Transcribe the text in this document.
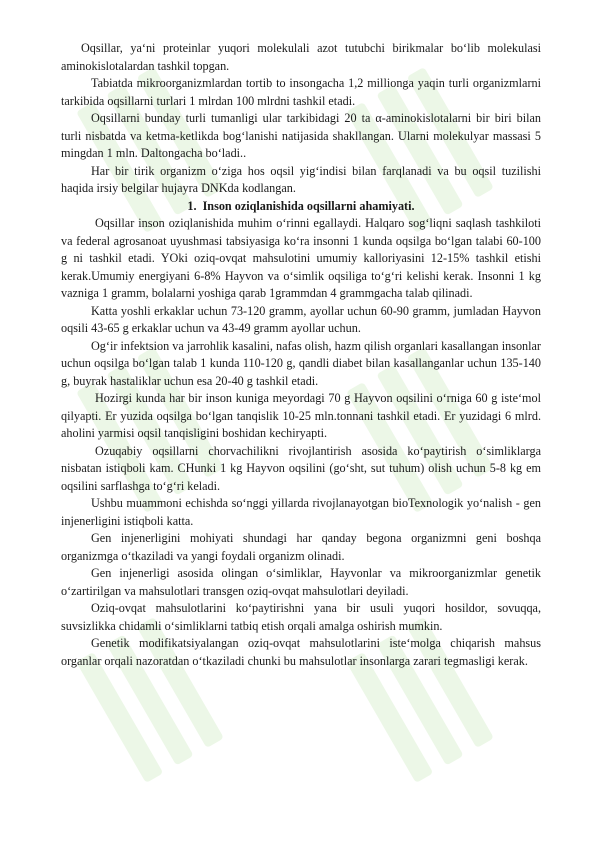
Oqsillar, ya‘ni proteinlar yuqori molekulali azot tutubchi birikmalar bo‘lib molekulasi aminokislotalardan tashkil topgan.

Tabiatda mikroorganizmlardan tortib to insongacha 1,2 millionga yaqin turli organizmlarni tarkibida oqsillarni turlari 1 mlrdan 100 mlrdni tashkil etadi.

Oqsillarni bunday turli tumanligi ular tarkibidagi 20 ta α-aminokislotalarni bir biri bilan turli nisbatda va ketma-ketlikda bog‘lanishi natijasida shakllangan. Ularni molekulyar massasi 5 mingdan 1 mln. Daltongacha bo‘ladi..

Har bir tirik organizm o‘ziga hos oqsil yig‘indisi bilan farqlanadi va bu oqsil tuzilishi haqida irsiy belgilar hujayra DNKda kodlangan.

1. Inson oziqlanishida oqsillarni ahamiyati.

Oqsillar inson oziqlanishida muhim o‘rinni egallaydi. Halqaro sog‘liqni saqlash tashkiloti va federal agrosanoat uyushmasi tabsiyasiga ko‘ra insonni 1 kunda oqsilga bo‘lgan talabi 60-100 g ni tashkil etadi. YOki oziq-ovqat mahsulotini umumiy kalloriyasini 12-15% tashkil etishi kerak.Umumiy energiyani 6-8% Hayvon va o‘simlik oqsiliga to‘g‘ri kelishi kerak. Insonni 1 kg vazniga 1 gramm, bolalarni yoshiga qarab 1grammdan 4 grammgacha talab qilinadi.

Katta yoshli erkaklar uchun 73-120 gramm, ayollar uchun 60-90 gramm, jumladan Hayvon oqsili 43-65 g erkaklar uchun va 43-49 gramm ayollar uchun.

Og‘ir infektsion va jarrohlik kasalini, nafas olish, hazm qilish organlari kasallangan insonlar uchun oqsilga bo‘lgan talab 1 kunda 110-120 g, qandli diabet bilan kasallanganlar uchun 135-140 g, buyrak hastaliklar uchun esa 20-40 g tashkil etadi.

Hozirgi kunda har bir inson kuniga meyordagi 70 g Hayvon oqsilini o‘rniga 60 g iste‘mol qilyapti. Er yuzida oqsilga bo‘lgan tanqislik 10-25 mln.tonnani tashkil etadi. Er yuzidagi 6 mlrd. aholini yarmisi oqsil tanqisligini boshidan kechiryapti.

Ozuqabiy oqsillarni chorvachilikni rivojlantirish asosida ko‘paytirish o‘simliklarga nisbatan istiqboli kam. CHunki 1 kg Hayvon oqsilini (go‘sht, sut tuhum) olish uchun 5-8 kg em oqsilini sarflashga to‘g‘ri keladi.

Ushbu muammoni echishda so‘nggi yillarda rivojlanayotgan bioTexnologik yo‘nalish - gen injenerligini istiqboli katta.

Gen injenerligini mohiyati shundagi har qanday begona organizmni geni boshqa organizmga o‘tkaziladi va yangi foydali organizm olinadi.

Gen injenerligi asosida olingan o‘simliklar, Hayvonlar va mikroorganizmlar genetik o‘zartirilgan va mahsulotlari transgen oziq-ovqat mahsulotlari deyiladi.

Oziq-ovqat mahsulotlarini ko‘paytirishni yana bir usuli yuqori hosildor, sovuqqa, suvsizlikka chidamli o‘simliklarni tatbiq etish orqali amalga oshirish mumkin.

Genetik modifikatsiyalangan oziq-ovqat mahsulotlarini iste‘molga chiqarish mahsus organlar orqali nazoratdan o‘tkaziladi chunki bu mahsulotlar insonlarga zarari tegmasligi kerak.
